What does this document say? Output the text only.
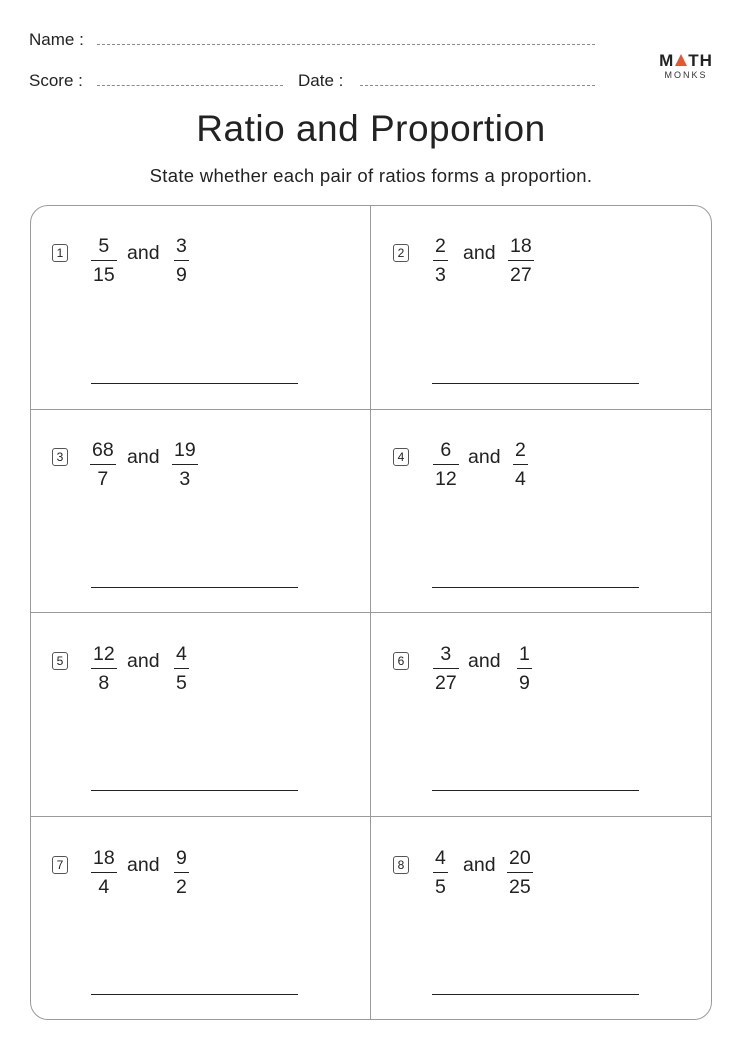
Name :
Score :	Date :
M TH
MONKS
Ratio and Proportion
State whether each pair of ratios forms a proportion.
$1 \frac{5}{15}$ and $\frac{3}{9}$	$2 \frac{2}{3}$ and $\frac{18}{27}$
$3 \frac{68}{7}$ and $\frac{19}{3}$	$4 \frac{6}{12}$ and $\frac{2}{4}$
$5 \frac{12}{8}$ and $\frac{4}{5}$	$6 \frac{3}{27}$ and $\frac{1}{9}$
$7 \frac{18}{4}$ and $\frac{9}{2}$	$8 \frac{4}{5}$ and $\frac{20}{25}$
